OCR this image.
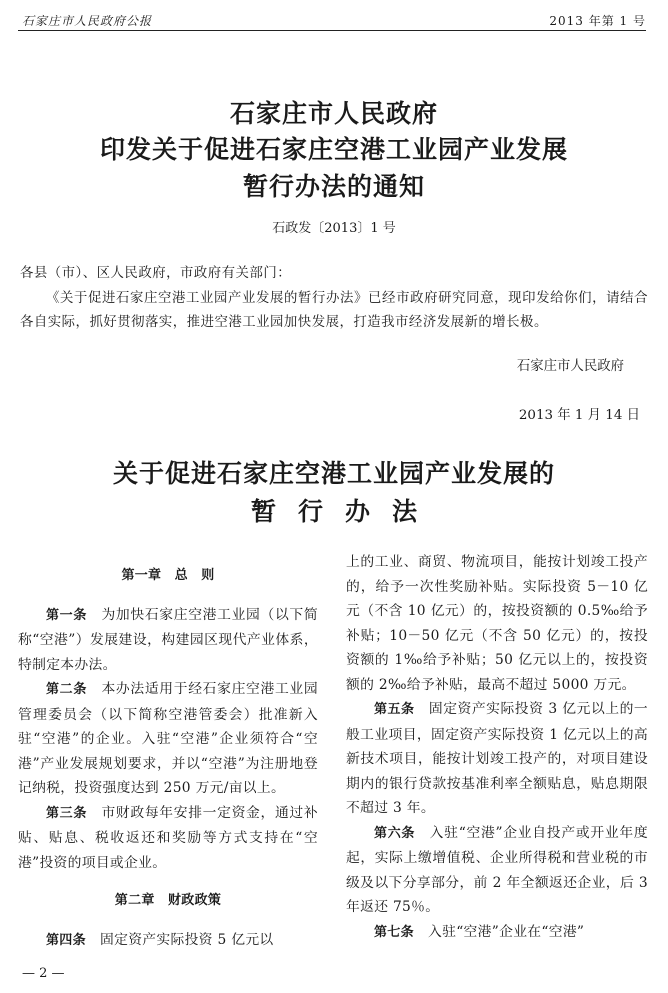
石家庄市人民政府公报	2013 年第 1 号
石家庄市人民政府
印发关于促进石家庄空港工业园产业发展
暂行办法的通知
石政发〔2013〕1 号
各县（市）、区人民政府，市政府有关部门：
《关于促进石家庄空港工业园产业发展的暂行办法》已经市政府研究同意，现印发给你们，请结合各自实际，抓好贯彻落实，推进空港工业园加快发展，打造我市经济发展新的增长极。
石家庄市人民政府
2013 年 1 月 14 日
关于促进石家庄空港工业园产业发展的
暂行办法
第一章　总　则

第一条　为加快石家庄空港工业园（以下简称“空港”）发展建设，构建园区现代产业体系，特制定本办法。

第二条　本办法适用于经石家庄空港工业园管理委员会（以下简称空港管委会）批准新入驻“空港”的企业。入驻“空港”企业须符合“空港”产业发展规划要求，并以“空港”为注册地登记纳税，投资强度达到 250 万元/亩以上。

第三条　市财政每年安排一定资金，通过补贴、贴息、税收返还和奖励等方式支持在“空港”投资的项目或企业。

第二章　财政政策

第四条　固定资产实际投资 5 亿元以

上的工业、商贸、物流项目，能按计划竣工投产的，给予一次性奖励补贴。实际投资 5－10 亿元（不含 10 亿元）的，按投资额的 0.5‰给予补贴；10－50 亿元（不含 50 亿元）的，按投资额的 1‰给予补贴；50 亿元以上的，按投资额的 2‰给予补贴，最高不超过 5000 万元。

第五条　固定资产实际投资 3 亿元以上的一般工业项目，固定资产实际投资 1 亿元以上的高新技术项目，能按计划竣工投产的，对项目建设期内的银行贷款按基准利率全额贴息，贴息期限不超过 3 年。

第六条　入驻“空港”企业自投产或开业年度起，实际上缴增值税、企业所得税和营业税的市级及以下分享部分，前 2 年全额返还企业，后 3 年返还 75％。

第七条　入驻“空港”企业在“空港”

— 2 —
